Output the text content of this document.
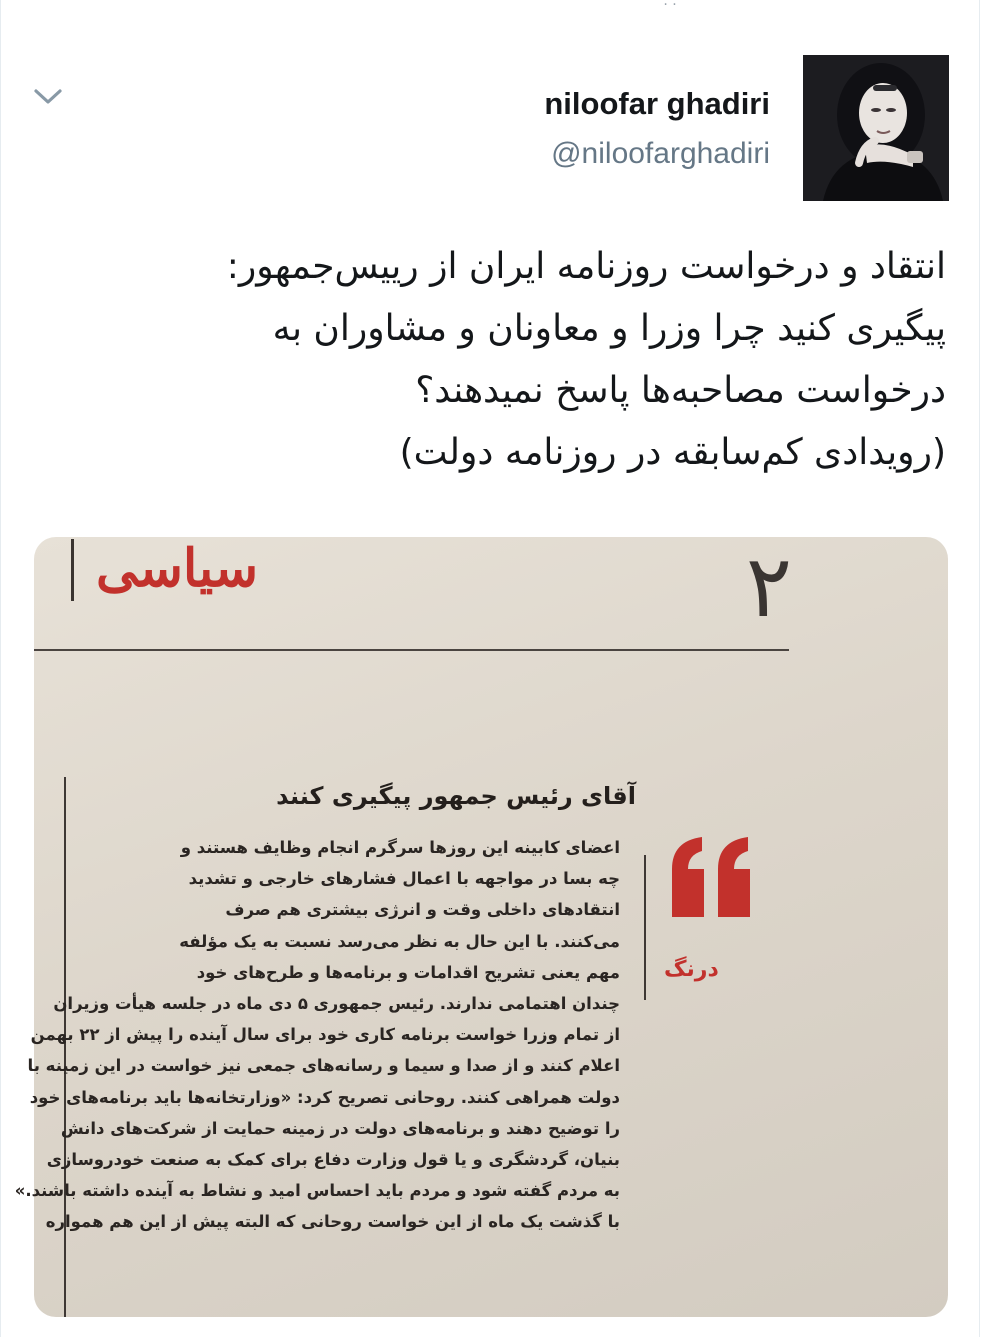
· ·
niloofar ghadiri
@niloofarghadiri
انتقاد و درخواست روزنامه ایران از رییس‌جمهور:
پیگیری کنید چرا وزرا و معاونان و مشاوران به
درخواست مصاحبه‌ها پاسخ نمیدهند؟
(رویدادی کم‌سابقه در روزنامه دولت)
سیاسی	۲
آقای رئیس جمهور پیگیری کنند
اعضای کابینه این روزها سرگرم انجام وظایف هستند و
چه بسا در مواجهه با اعمال فشارهای خارجی و تشدید
انتقادهای داخلی وقت و انرژی بیشتری هم صرف
می‌کنند. با این حال به نظر می‌رسد نسبت به یک مؤلفه
مهم یعنی تشریح اقدامات و برنامه‌ها و طرح‌های خود
چندان اهتمامی ندارند. رئیس جمهوری ۵ دی ماه در جلسه هیأت وزیران
از تمام وزرا خواست برنامه کاری خود برای سال آینده را پیش از ۲۲ بهمن
اعلام کنند و از صدا و سیما و رسانه‌های جمعی نیز خواست در این زمینه با
دولت همراهی کنند. روحانی تصریح کرد: «وزارتخانه‌ها باید برنامه‌های خود
را توضیح دهند و برنامه‌های دولت در زمینه حمایت از شرکت‌های دانش
بنیان، گردشگری و یا قول وزارت دفاع برای کمک به صنعت خودروسازی
به مردم گفته شود و مردم باید احساس امید و نشاط به آینده داشته باشند.»
با گذشت یک ماه از این خواست روحانی که البته پیش از این هم همواره
درنگ
